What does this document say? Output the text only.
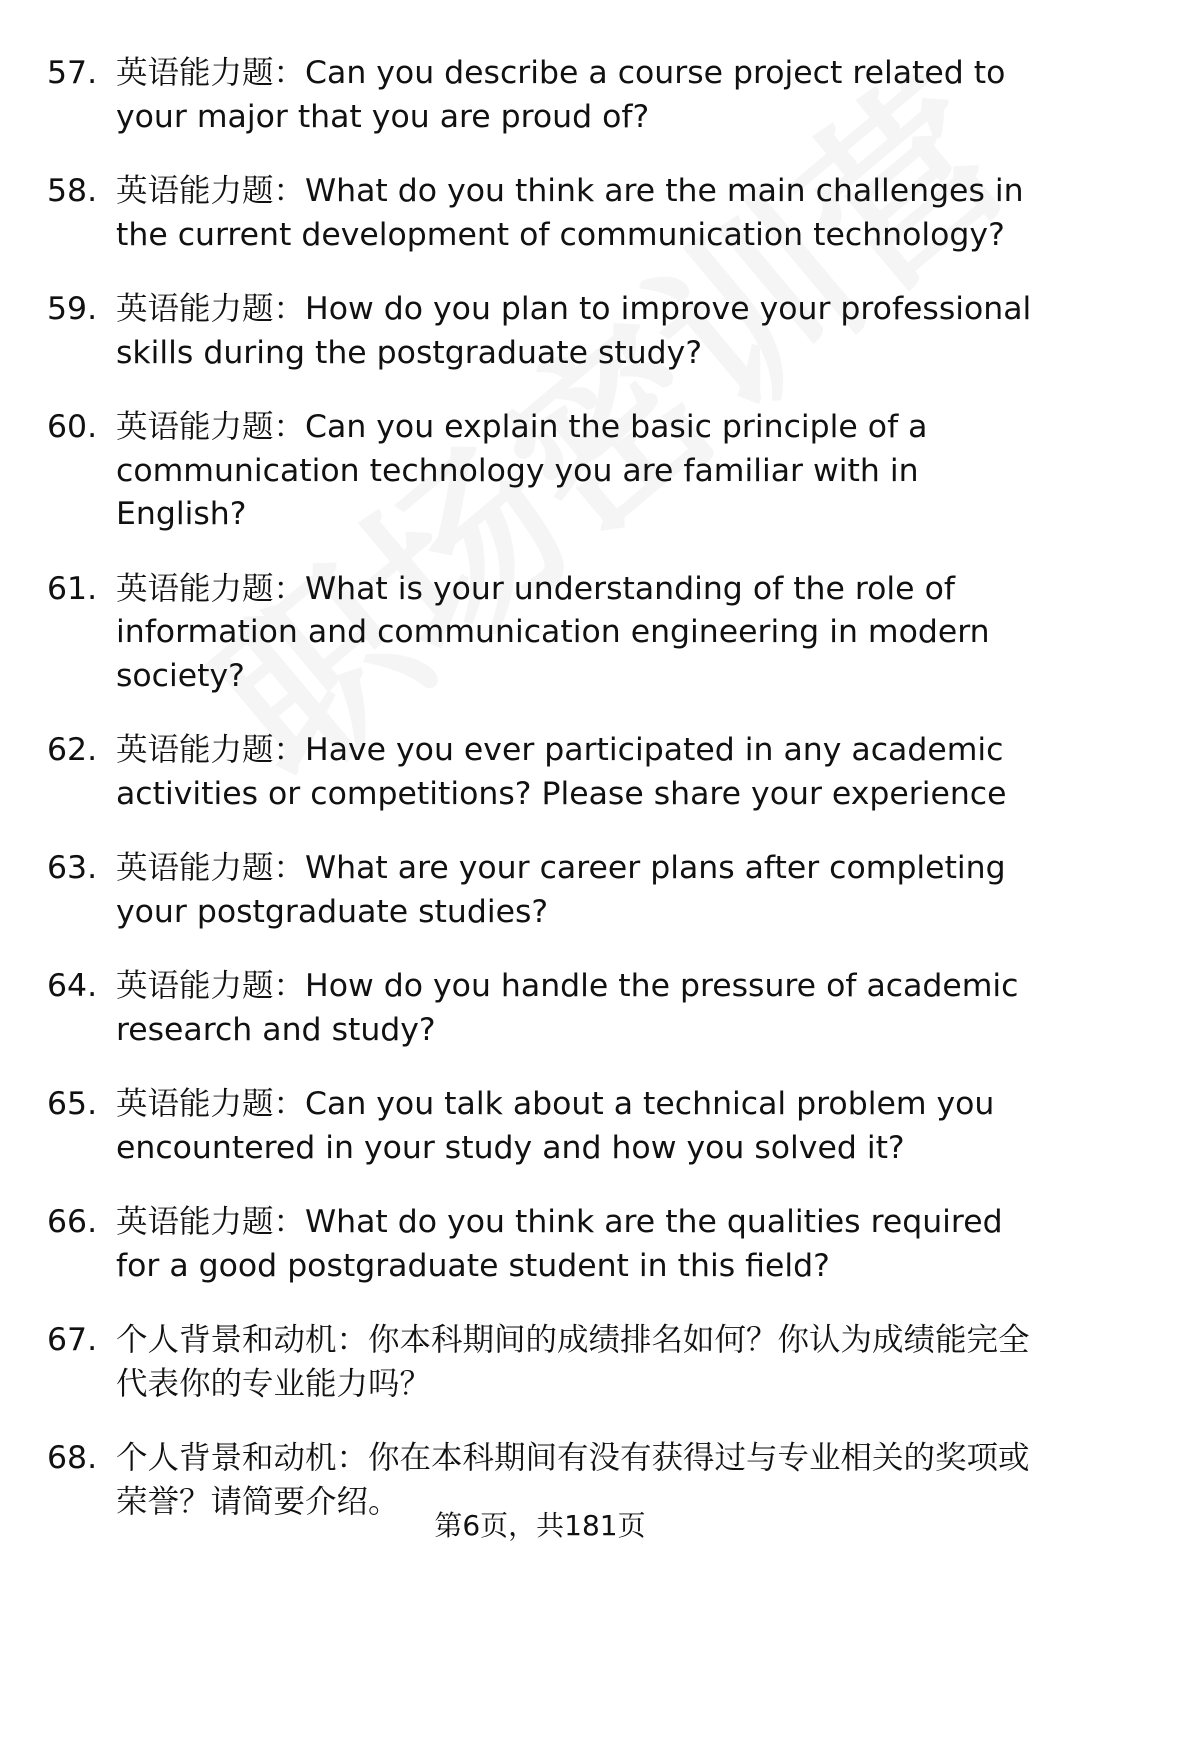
57. 英语能力题：Can you describe a course project related to your major that you are proud of?
58. 英语能力题：What do you think are the main challenges in the current development of communication technology?
59. 英语能力题：How do you plan to improve your professional skills during the postgraduate study?
60. 英语能力题：Can you explain the basic principle of a communication technology you are familiar with in English?
61. 英语能力题：What is your understanding of the role of information and communication engineering in modern society?
62. 英语能力题：Have you ever participated in any academic activities or competitions? Please share your experience
63. 英语能力题：What are your career plans after completing your postgraduate studies?
64. 英语能力题：How do you handle the pressure of academic research and study?
65. 英语能力题：Can you talk about a technical problem you encountered in your study and how you solved it?
66. 英语能力题：What do you think are the qualities required for a good postgraduate student in this field?
67. 个人背景和动机：你本科期间的成绩排名如何？你认为成绩能完全代表你的专业能力吗？
68. 个人背景和动机：你在本科期间有没有获得过与专业相关的奖项或荣誉？请简要介绍。
第6页，共181页
